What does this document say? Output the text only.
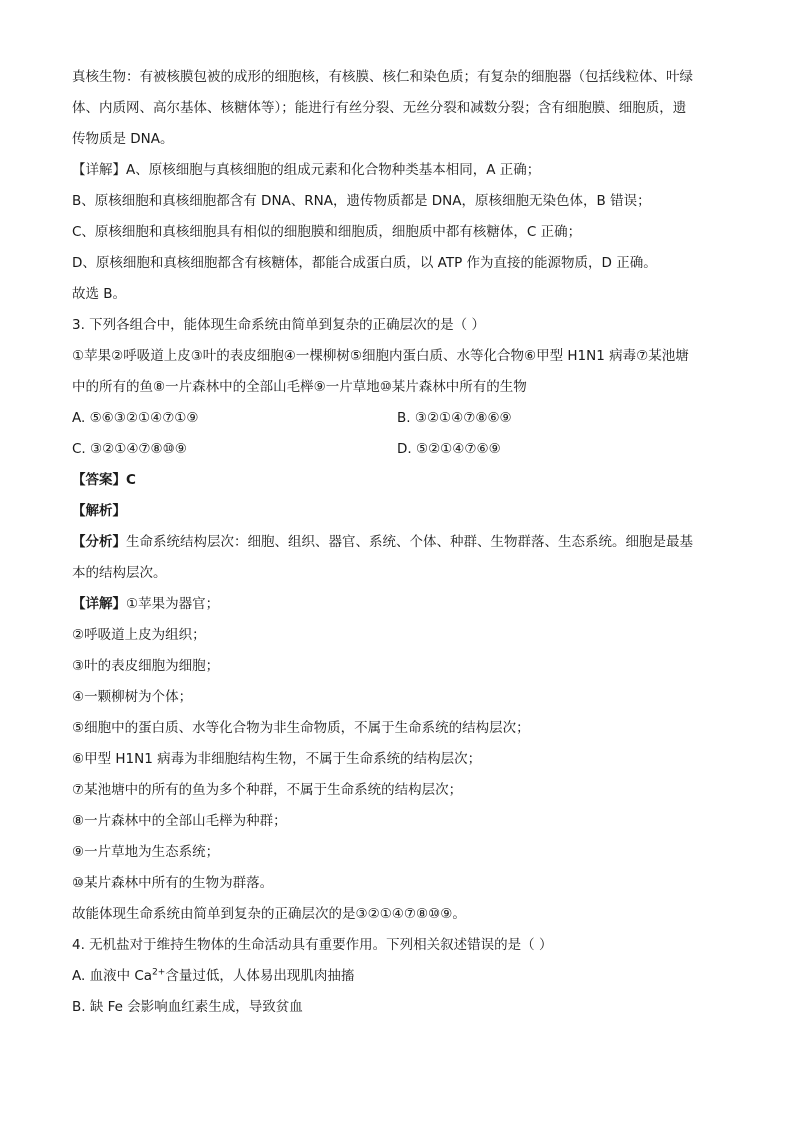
真核生物：有被核膜包被的成形的细胞核，有核膜、核仁和染色质；有复杂的细胞器（包括线粒体、叶绿
体、内质网、高尔基体、核糖体等）；能进行有丝分裂、无丝分裂和减数分裂；含有细胞膜、细胞质，遗
传物质是 DNA。
【详解】A、原核细胞与真核细胞的组成元素和化合物种类基本相同，A 正确；
B、原核细胞和真核细胞都含有 DNA、RNA，遗传物质都是 DNA，原核细胞无染色体，B 错误；
C、原核细胞和真核细胞具有相似的细胞膜和细胞质，细胞质中都有核糖体，C 正确；
D、原核细胞和真核细胞都含有核糖体，都能合成蛋白质，以 ATP 作为直接的能源物质，D 正确。
故选 B。
3. 下列各组合中，能体现生命系统由简单到复杂的正确层次的是（ ）
①苹果②呼吸道上皮③叶的表皮细胞④一棵柳树⑤细胞内蛋白质、水等化合物⑥甲型 H1N1 病毒⑦某池塘
中的所有的鱼⑧一片森林中的全部山毛榉⑨一片草地⑩某片森林中所有的生物
A. ⑤⑥③②①④⑦①⑨	B. ③②①④⑦⑧⑥⑨
C. ③②①④⑦⑧⑩⑨	D. ⑤②①④⑦⑥⑨
【答案】C
【解析】
【分析】生命系统结构层次：细胞、组织、器官、系统、个体、种群、生物群落、生态系统。细胞是最基
本的结构层次。
【详解】①苹果为器官；
②呼吸道上皮为组织；
③叶的表皮细胞为细胞；
④一颗柳树为个体；
⑤细胞中的蛋白质、水等化合物为非生命物质，不属于生命系统的结构层次；
⑥甲型 H1N1 病毒为非细胞结构生物，不属于生命系统的结构层次；
⑦某池塘中的所有的鱼为多个种群，不属于生命系统的结构层次；
⑧一片森林中的全部山毛榉为种群；
⑨一片草地为生态系统；
⑩某片森林中所有的生物为群落。
故能体现生命系统由简单到复杂的正确层次的是③②①④⑦⑧⑩⑨。
4. 无机盐对于维持生物体的生命活动具有重要作用。下列相关叙述错误的是（ ）
A. 血液中 $Ca^{2+}$含量过低，人体易出现肌肉抽搐
B. 缺 Fe 会影响血红素生成，导致贫血
